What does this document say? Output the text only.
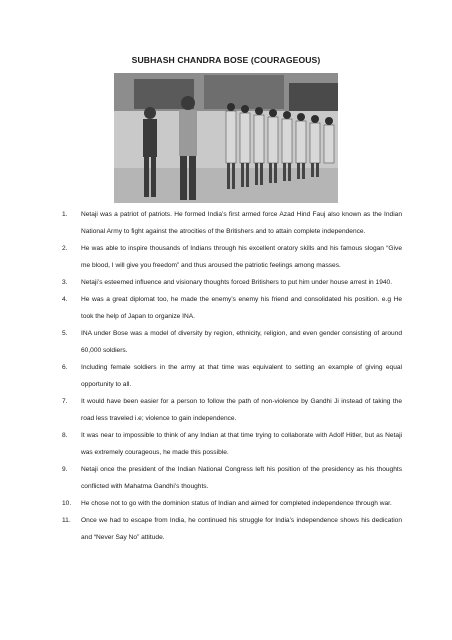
SUBHASH CHANDRA BOSE (COURAGEOUS)
1. Netaji was a patriot of patriots. He formed India’s first armed force Azad Hind Fauj also known as the Indian National Army to fight against the atrocities of the Britishers and to attain complete independence.
2. He was able to inspire thousands of Indians through his excellent oratory skills and his famous slogan “Give me blood, I will give you freedom” and thus aroused the patriotic feelings among masses.
3. Netaji’s esteemed influence and visionary thoughts forced Britishers to put him under house arrest in 1940.
4. He was a great diplomat too, he made the enemy’s enemy his friend and consolidated his position. e.g He took the help of Japan to organize INA.
5. INA under Bose was a model of diversity by region, ethnicity, religion, and even gender consisting of around 60,000 soldiers.
6. Including female soldiers in the army at that time was equivalent to setting an example of giving equal opportunity to all.
7. It would have been easier for a person to follow the path of non-violence by Gandhi Ji instead of taking the road less traveled i.e; violence to gain independence.
8. It was near to impossible to think of any Indian at that time trying to collaborate with Adolf Hitler, but as Netaji was extremely courageous, he made this possible.
9. Netaji once the president of the Indian National Congress left his position of the presidency as his thoughts conflicted with Mahatma Gandhi’s thoughts.
10. He chose not to go with the dominion status of Indian and aimed for completed independence through war.
11. Once we had to escape from India, he continued his struggle for India’s independence shows his dedication and “Never Say No” attitude.
